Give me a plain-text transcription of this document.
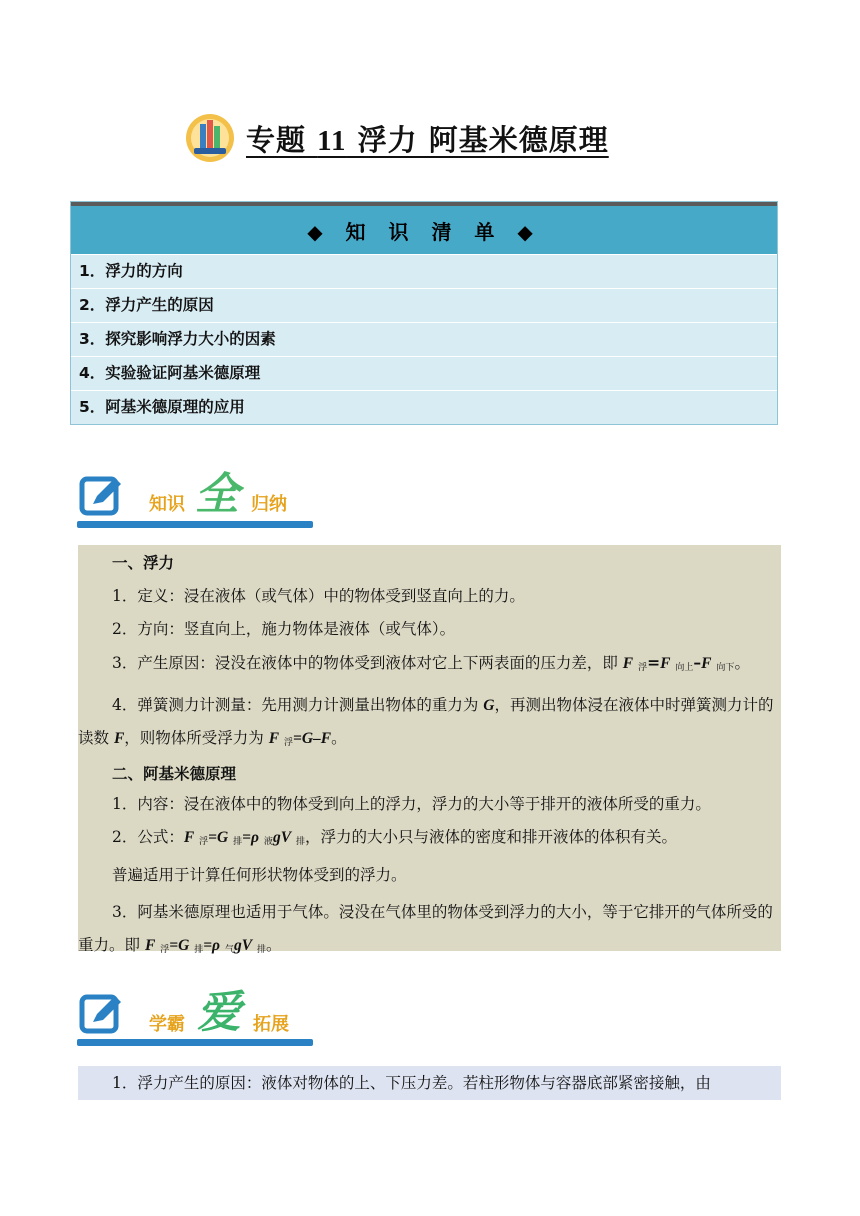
专题 11 浮力 阿基米德原理
◆ 知 识 清 单 ◆
1．浮力的方向
2．浮力产生的原因
3．探究影响浮力大小的因素
4．实验验证阿基米德原理
5．阿基米德原理的应用
知识 全 归纳

一、浮力

1．定义：浸在液体（或气体）中的物体受到竖直向上的力。

2．方向：竖直向上，施力物体是液体（或气体）。

3．产生原因：浸没在液体中的物体受到液体对它上下两表面的压力差，即 F $_浮$=F $_{向上}$–F $_{向下}$。

4．弹簧测力计测量：先用测力计测量出物体的重力为 G，再测出物体浸在液体中时弹簧测力计的读数 F，则物体所受浮力为 F $_浮$=G–F。

二、阿基米德原理

1．内容：浸在液体中的物体受到向上的浮力，浮力的大小等于排开的液体所受的重力。

2．公式：F $_浮$=G $_排$=ρ $_液$gV $_排$，浮力的大小只与液体的密度和排开液体的体积有关。

普遍适用于计算任何形状物体受到的浮力。

3．阿基米德原理也适用于气体。浸没在气体里的物体受到浮力的大小，等于它排开的气体所受的重力。即 F $_浮$=G $_排$=ρ $_气$gV $_排$。

学霸 爱 拓展

1．浮力产生的原因：液体对物体的上、下压力差。若柱形物体与容器底部紧密接触，由
